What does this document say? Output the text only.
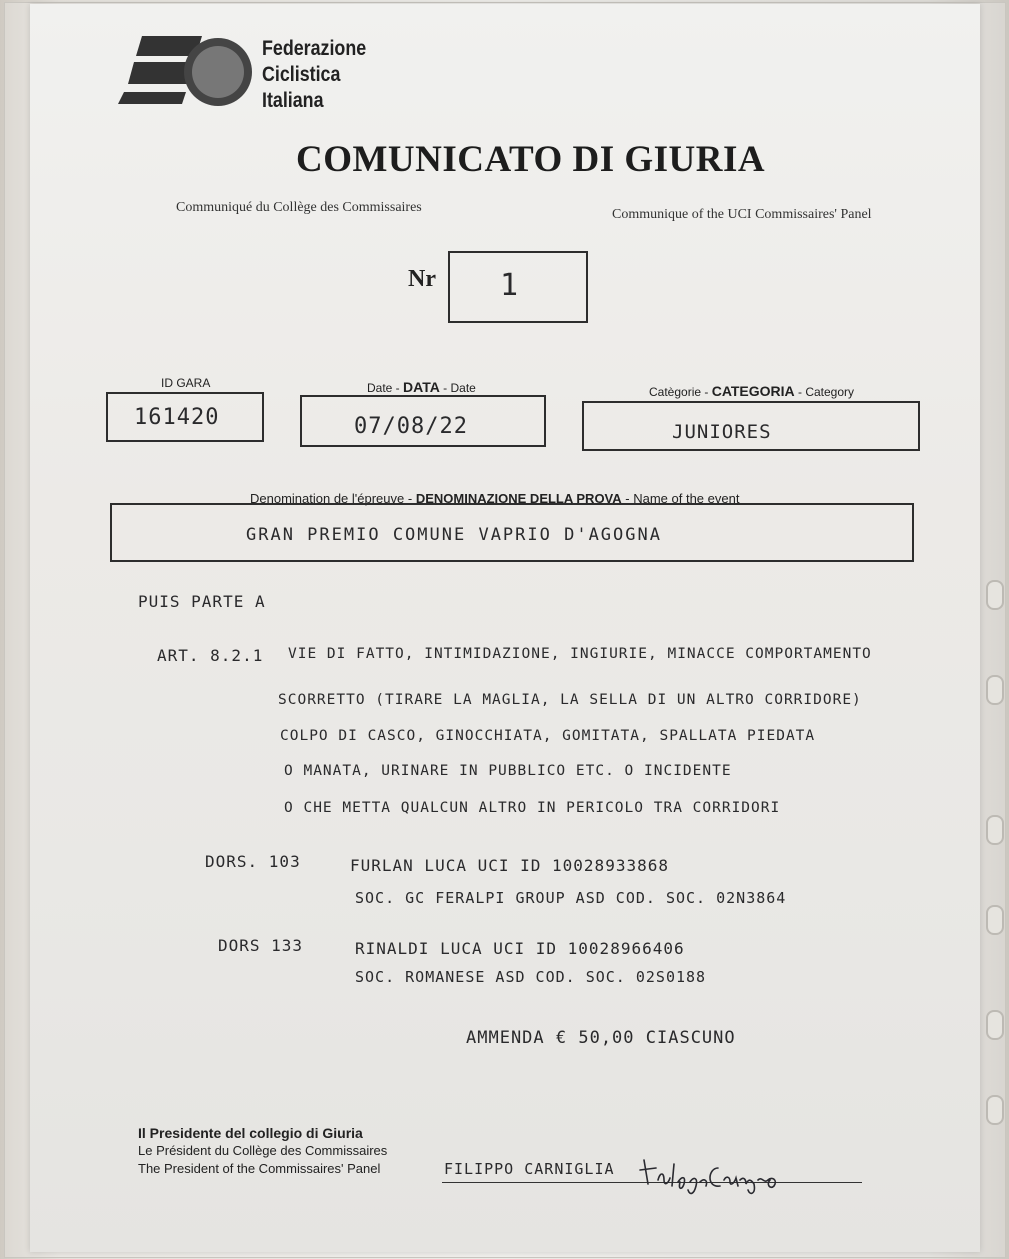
Federazione
Ciclistica
Italiana
COMUNICATO DI GIURIA
Communiqué du Collège des Commissaires	Communique of the UCI Commissaires' Panel
Nr 1
ID GARA
161420
Date - DATA - Date
07/08/22
Catègorie - CATEGORIA - Category
JUNIORES
Denomination de l'épreuve - DENOMINAZIONE DELLA PROVA - Name of the event
GRAN PREMIO COMUNE VAPRIO D'AGOGNA
PUIS PARTE A
ART. 8.2.1 VIE DI FATTO, INTIMIDAZIONE, INGIURIE, MINACCE COMPORTAMENTO
SCORRETTO (TIRARE LA MAGLIA, LA SELLA DI UN ALTRO CORRIDORE)
COLPO DI CASCO, GINOCCHIATA, GOMITATA, SPALLATA PIEDATA
O MANATA, URINARE IN PUBBLICO ETC. O INCIDENTE
O CHE METTA QUALCUN ALTRO IN PERICOLO TRA CORRIDORI
DORS. 103	FURLAN LUCA UCI ID 10028933868
SOC. GC FERALPI GROUP ASD COD. SOC. 02N3864
DORS 133	RINALDI LUCA UCI ID 10028966406
SOC. ROMANESE ASD COD. SOC. 02S0188
AMMENDA € 50,00 CIASCUNO
Il Presidente del collegio di Giuria
Le Président du Collège des Commissaires
The President of the Commissaires' Panel	FILIPPO CARNIGLIA
